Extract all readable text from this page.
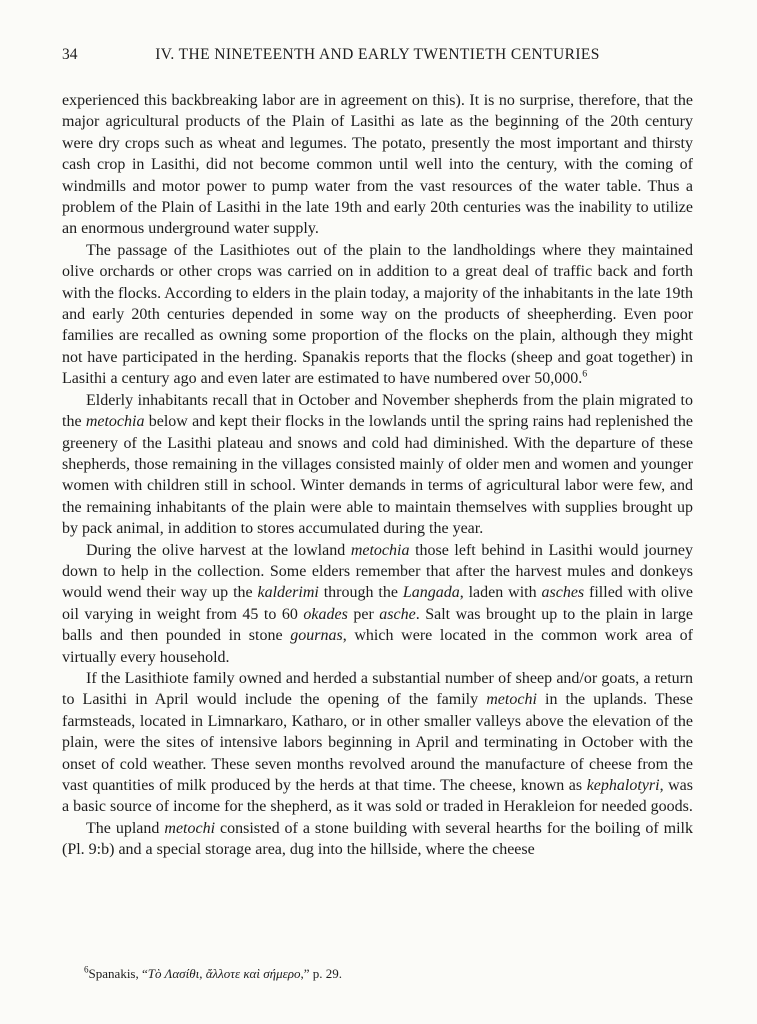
34	IV. THE NINETEENTH AND EARLY TWENTIETH CENTURIES

experienced this backbreaking labor are in agreement on this). It is no surprise, therefore, that the major agricultural products of the Plain of Lasithi as late as the beginning of the 20th century were dry crops such as wheat and legumes. The potato, presently the most important and thirsty cash crop in Lasithi, did not become common until well into the century, with the coming of windmills and motor power to pump water from the vast resources of the water table. Thus a problem of the Plain of Lasithi in the late 19th and early 20th centuries was the inability to utilize an enormous underground water supply.

The passage of the Lasithiotes out of the plain to the landholdings where they maintained olive orchards or other crops was carried on in addition to a great deal of traffic back and forth with the flocks. According to elders in the plain today, a majority of the inhabitants in the late 19th and early 20th centuries depended in some way on the products of sheepherding. Even poor families are recalled as owning some proportion of the flocks on the plain, although they might not have participated in the herding. Spanakis reports that the flocks (sheep and goat together) in Lasithi a century ago and even later are estimated to have numbered over 50,000.$^6$

Elderly inhabitants recall that in October and November shepherds from the plain migrated to the metochia below and kept their flocks in the lowlands until the spring rains had replenished the greenery of the Lasithi plateau and snows and cold had diminished. With the departure of these shepherds, those remaining in the villages consisted mainly of older men and women and younger women with children still in school. Winter demands in terms of agricultural labor were few, and the remaining inhabitants of the plain were able to maintain themselves with supplies brought up by pack animal, in addition to stores accumulated during the year.

During the olive harvest at the lowland metochia those left behind in Lasithi would journey down to help in the collection. Some elders remember that after the harvest mules and donkeys would wend their way up the kalderimi through the Langada, laden with asches filled with olive oil varying in weight from 45 to 60 okades per asche. Salt was brought up to the plain in large balls and then pounded in stone gournas, which were located in the common work area of virtually every household.

If the Lasithiote family owned and herded a substantial number of sheep and/or goats, a return to Lasithi in April would include the opening of the family metochi in the uplands. These farmsteads, located in Limnarkaro, Katharo, or in other smaller valleys above the elevation of the plain, were the sites of intensive labors beginning in April and terminating in October with the onset of cold weather. These seven months revolved around the manufacture of cheese from the vast quantities of milk produced by the herds at that time. The cheese, known as kephalotyri, was a basic source of income for the shepherd, as it was sold or traded in Herakleion for needed goods.

The upland metochi consisted of a stone building with several hearths for the boiling of milk (Pl. 9:b) and a special storage area, dug into the hillside, where the cheese

$^6$Spanakis, “Τὸ Λασίθι, ἄλλοτε καὶ σήμερο,” p. 29.
